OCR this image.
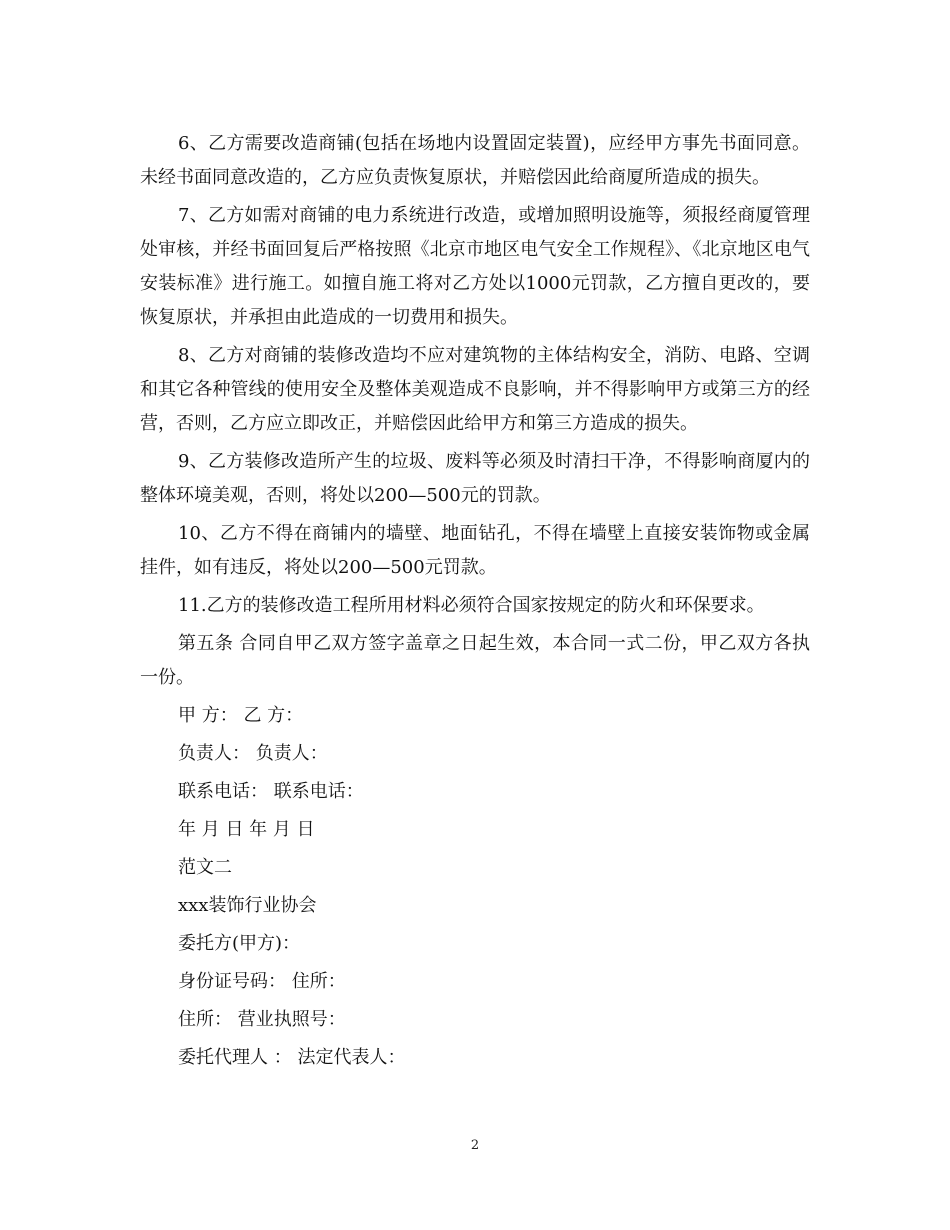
6、乙方需要改造商铺(包括在场地内设置固定装置)，应经甲方事先书面同意。未经书面同意改造的，乙方应负责恢复原状，并赔偿因此给商厦所造成的损失。

7、乙方如需对商铺的电力系统进行改造，或增加照明设施等，须报经商厦管理处审核，并经书面回复后严格按照《北京市地区电气安全工作规程》、《北京地区电气安装标准》进行施工。如擅自施工将对乙方处以1000元罚款，乙方擅自更改的，要恢复原状，并承担由此造成的一切费用和损失。

8、乙方对商铺的装修改造均不应对建筑物的主体结构安全，消防、电路、空调和其它各种管线的使用安全及整体美观造成不良影响，并不得影响甲方或第三方的经营，否则，乙方应立即改正，并赔偿因此给甲方和第三方造成的损失。

9、乙方装修改造所产生的垃圾、废料等必须及时清扫干净，不得影响商厦内的整体环境美观，否则，将处以200—500元的罚款。

10、乙方不得在商铺内的墙壁、地面钻孔，不得在墙壁上直接安装饰物或金属挂件，如有违反，将处以200—500元罚款。

11.乙方的装修改造工程所用材料必须符合国家按规定的防火和环保要求。

第五条 合同自甲乙双方签字盖章之日起生效，本合同一式二份，甲乙双方各执一份。

甲 方： 乙 方：

负责人： 负责人：

联系电话： 联系电话：

年 月 日 年 月 日

范文二

xxx装饰行业协会

委托方(甲方)：

身份证号码： 住所：

住所： 营业执照号：

委托代理人 ： 法定代表人：

2
